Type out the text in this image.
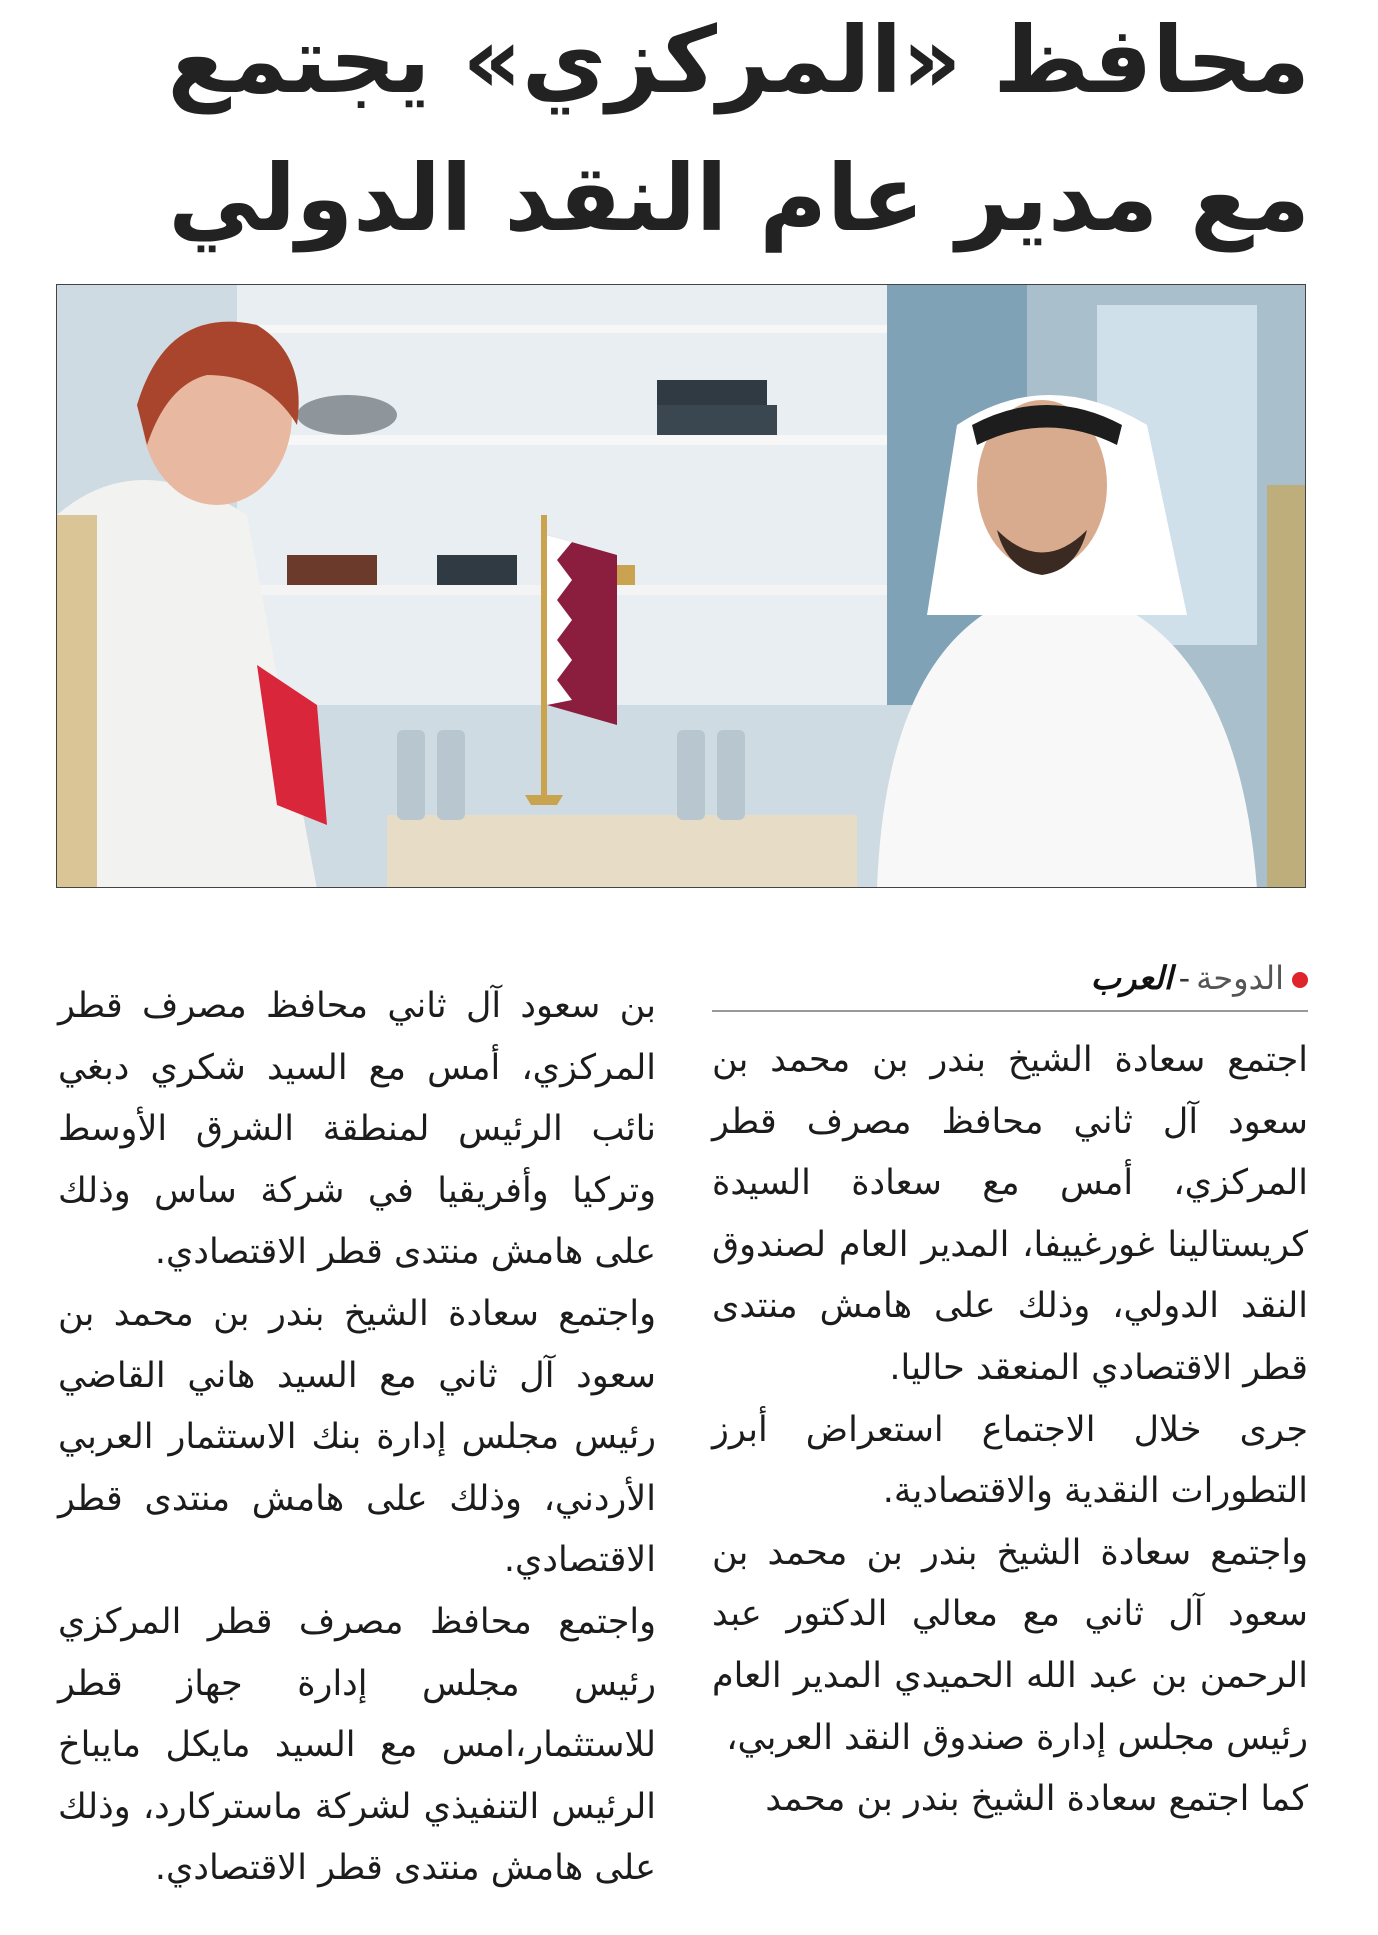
محافظ «المركزي» يجتمع
مع مدير عام النقد الدولي
الدوحة-العرب

اجتمع سعادة الشيخ بندر بن محمد بن سعود آل ثاني محافظ مصرف قطر المركزي، أمس مع سعادة السيدة كريستالينا غورغييفا، المدير العام لصندوق النقد الدولي، وذلك على هامش منتدى قطر الاقتصادي المنعقد حاليا.

جرى خلال الاجتماع استعراض أبرز التطورات النقدية والاقتصادية.

واجتمع سعادة الشيخ بندر بن محمد بن سعود آل ثاني مع معالي الدكتور عبد الرحمن بن عبد الله الحميدي المدير العام رئيس مجلس إدارة صندوق النقد العربي،

كما اجتمع سعادة الشيخ بندر بن محمد

بن سعود آل ثاني محافظ مصرف قطر المركزي، أمس مع السيد شكري دبغي نائب الرئيس لمنطقة الشرق الأوسط وتركيا وأفريقيا في شركة ساس وذلك على هامش منتدى قطر الاقتصادي.

واجتمع سعادة الشيخ بندر بن محمد بن سعود آل ثاني مع السيد هاني القاضي رئيس مجلس إدارة بنك الاستثمار العربي الأردني، وذلك على هامش منتدى قطر الاقتصادي.

واجتمع محافظ مصرف قطر المركزي رئيس مجلس إدارة جهاز قطر للاستثمار،امس مع السيد مايكل مايباخ الرئيس التنفيذي لشركة ماستركارد، وذلك على هامش منتدى قطر الاقتصادي.
